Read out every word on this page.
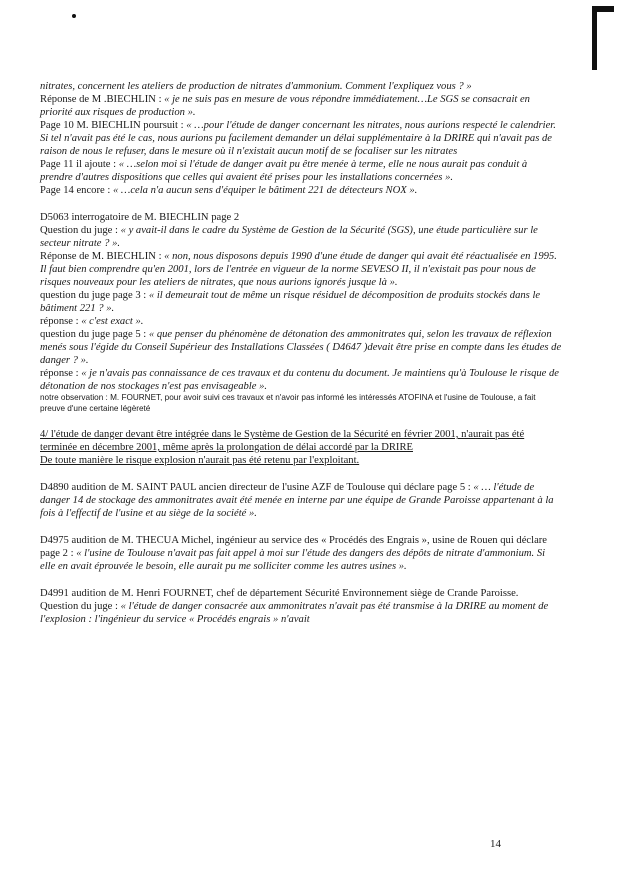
nitrates, concernent les ateliers de production de nitrates d'ammonium. Comment l'expliquez vous ? »

Réponse de M .BIECHLIN : « je ne suis pas en mesure de vous répondre immédiatement…Le SGS se consacrait en priorité aux risques de production ».

Page 10 M. BIECHLIN poursuit : « …pour l'étude de danger concernant les nitrates, nous aurions respecté le calendrier. Si tel n'avait pas été le cas, nous aurions pu facilement demander un délai supplémentaire à la DRIRE qui n'avait pas de raison de nous le refuser, dans le mesure où il n'existait aucun motif de se focaliser sur les nitrates

Page 11 il ajoute : « …selon moi si l'étude de danger avait pu être menée à terme, elle ne nous aurait pas conduit à prendre d'autres dispositions que celles qui avaient été prises pour les installations concernées ».

Page 14 encore : « …cela n'a aucun sens d'équiper le bâtiment 221 de détecteurs NOX ».

D5063 interrogatoire de M. BIECHLIN page 2

Question du juge : « y avait-il dans le cadre du Système de Gestion de la Sécurité (SGS), une étude particulière sur le secteur nitrate ? ».

Réponse de M. BIECHLIN : « non, nous disposons depuis 1990 d'une étude de danger qui avait été réactualisée en 1995. Il faut bien comprendre qu'en 2001, lors de l'entrée en vigueur de la norme SEVESO II, il n'existait pas pour nous de risques nouveaux pour les ateliers de nitrates, que nous aurions ignorés jusque là ».

question du juge page 3 : « il demeurait tout de même un risque résiduel de décomposition de produits stockés dans le bâtiment 221 ? ».

réponse : « c'est exact ».

question du juge page 5 : « que penser du phénomène de détonation des ammonitrates qui, selon les travaux de réflexion menés sous l'égide du Conseil Supérieur des Installations Classées ( D4647 )devait être prise en compte dans les études de danger ? ».

réponse : « je n'avais pas connaissance de ces travaux et du contenu du document. Je maintiens qu'à Toulouse le risque de détonation de nos stockages n'est pas envisageable ».

notre observation : M. FOURNET, pour avoir suivi ces travaux et n'avoir pas informé les intéressés ATOFINA et l'usine de Toulouse, a fait preuve d'une certaine légèreté

4/ l'étude de danger devant être intégrée dans le Système de Gestion de la Sécurité en février 2001, n'aurait pas été terminée en décembre 2001, même après la prolongation de délai accordé par la DRIRE

De toute manière le risque explosion n'aurait pas été retenu par l'exploitant.

D4890 audition de M. SAINT PAUL ancien directeur de l'usine AZF de Toulouse qui déclare page 5 : « … l'étude de danger 14 de stockage des ammonitrates avait été menée en interne par une équipe de Grande Paroisse appartenant à la fois à l'effectif de l'usine et au siège de la société ».

D4975 audition de M. THECUA Michel, ingénieur au service des « Procédés des Engrais », usine de Rouen qui déclare page 2 : « l'usine de Toulouse n'avait pas fait appel à moi sur l'étude des dangers des dépôts de nitrate d'ammonium. Si elle en avait éprouvée le besoin, elle aurait pu me solliciter comme les autres usines ».

D4991 audition de M. Henri FOURNET, chef de département Sécurité Environnement siège de Crande Paroisse.

Question du juge : « l'étude de danger consacrée aux ammonitrates n'avait pas été transmise à la DRIRE au moment de l'explosion : l'ingénieur du service « Procédés engrais » n'avait

14
